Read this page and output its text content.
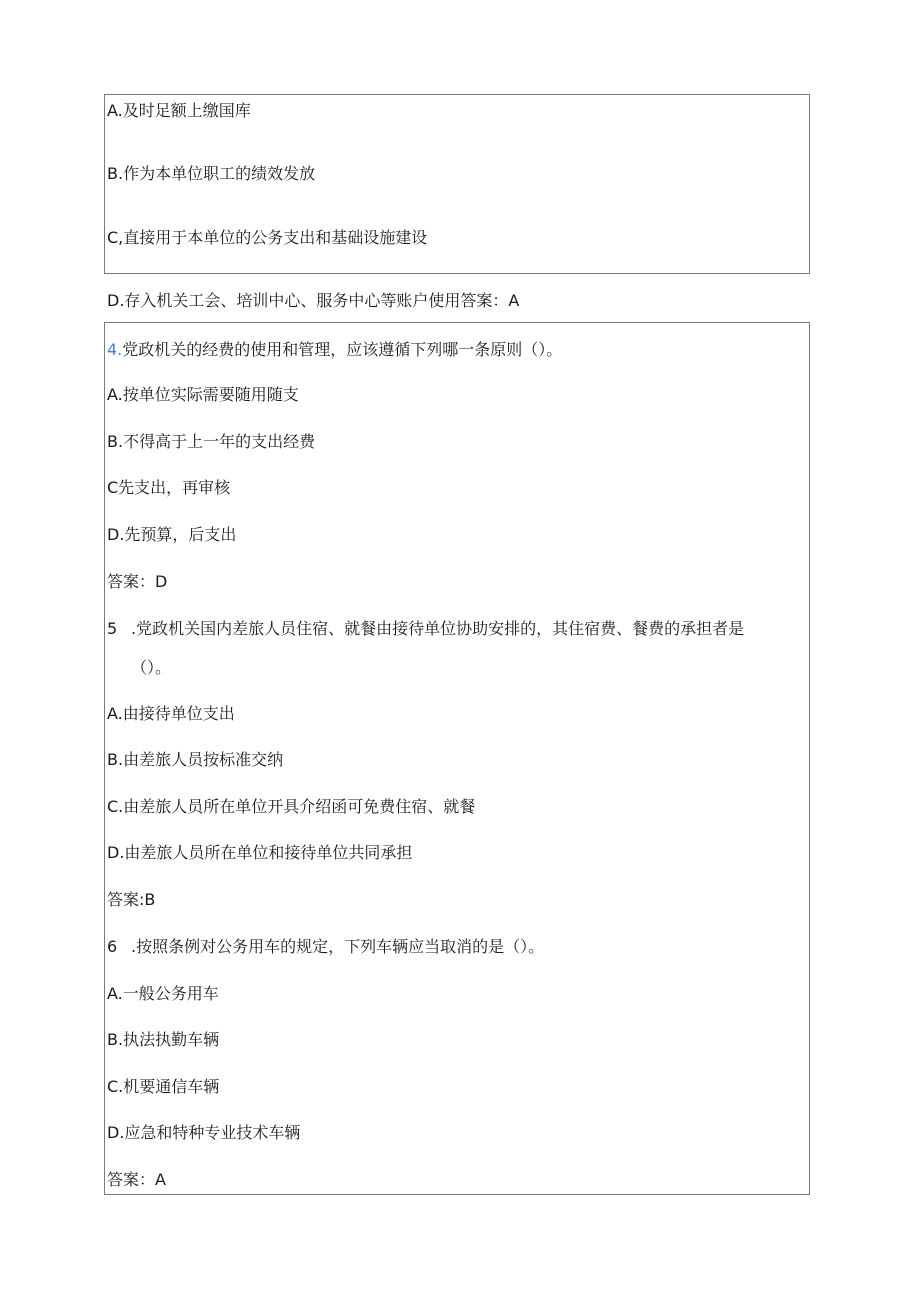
A.及时足额上缴国库
B.作为本单位职工的绩效发放
C,直接用于本单位的公务支出和基础设施建设
D.存入机关工会、培训中心、服务中心等账户使用答案：A
4.党政机关的经费的使用和管理，应该遵循下列哪一条原则（）。
A.按单位实际需要随用随支
B.不得高于上一年的支出经费
C先支出，再审核
D.先预算，后支出
答案：D
5 .党政机关国内差旅人员住宿、就餐由接待单位协助安排的，其住宿费、餐费的承担者是
（）。
A.由接待单位支出
B.由差旅人员按标准交纳
C.由差旅人员所在单位开具介绍函可免费住宿、就餐
D.由差旅人员所在单位和接待单位共同承担
答案:B
6 .按照条例对公务用车的规定，下列车辆应当取消的是（）。
A.一般公务用车
B.执法执勤车辆
C.机要通信车辆
D.应急和特种专业技术车辆
答案：A
